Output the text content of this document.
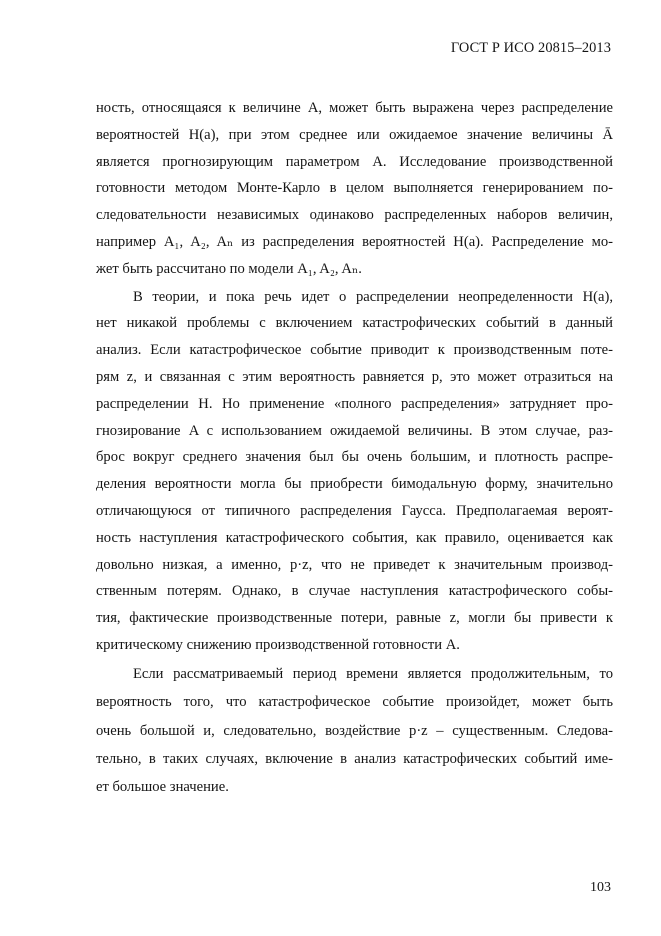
ГОСТ Р ИСО 20815–2013
ность, относящаяся к величине A, может быть выражена через распределение
вероятностей H(a), при этом среднее или ожидаемое значение величины Ā
является прогнозирующим параметром A. Исследование производственной
готовности методом Монте-Карло в целом выполняется генерированием по-
следовательности независимых одинаково распределенных наборов величин,
например A₁, A₂, Aₙ из распределения вероятностей H(a). Распределение мо-
жет быть рассчитано по модели A₁, A₂, Aₙ.
В теории, и пока речь идет о распределении неопределенности H(a),
нет никакой проблемы с включением катастрофических событий в данный
анализ. Если катастрофическое событие приводит к производственным поте-
рям z, и связанная с этим вероятность равняется p, это может отразиться на
распределении H. Но применение «полного распределения» затрудняет про-
гнозирование A с использованием ожидаемой величины. В этом случае, раз-
брос вокруг среднего значения был бы очень большим, и плотность распре-
деления вероятности могла бы приобрести бимодальную форму, значительно
отличающуюся от типичного распределения Гаусса. Предполагаемая вероят-
ность наступления катастрофического события, как правило, оценивается как
довольно низкая, а именно, p·z, что не приведет к значительным производ-
ственным потерям. Однако, в случае наступления катастрофического собы-
тия, фактические производственные потери, равные z, могли бы привести к
критическому снижению производственной готовности A.
Если рассматриваемый период времени является продолжительным, то
вероятность того, что катастрофическое событие произойдет, может быть
очень большой и, следовательно, воздействие p·z – существенным. Следова-
тельно, в таких случаях, включение в анализ катастрофических событий име-
ет большое значение.
103
